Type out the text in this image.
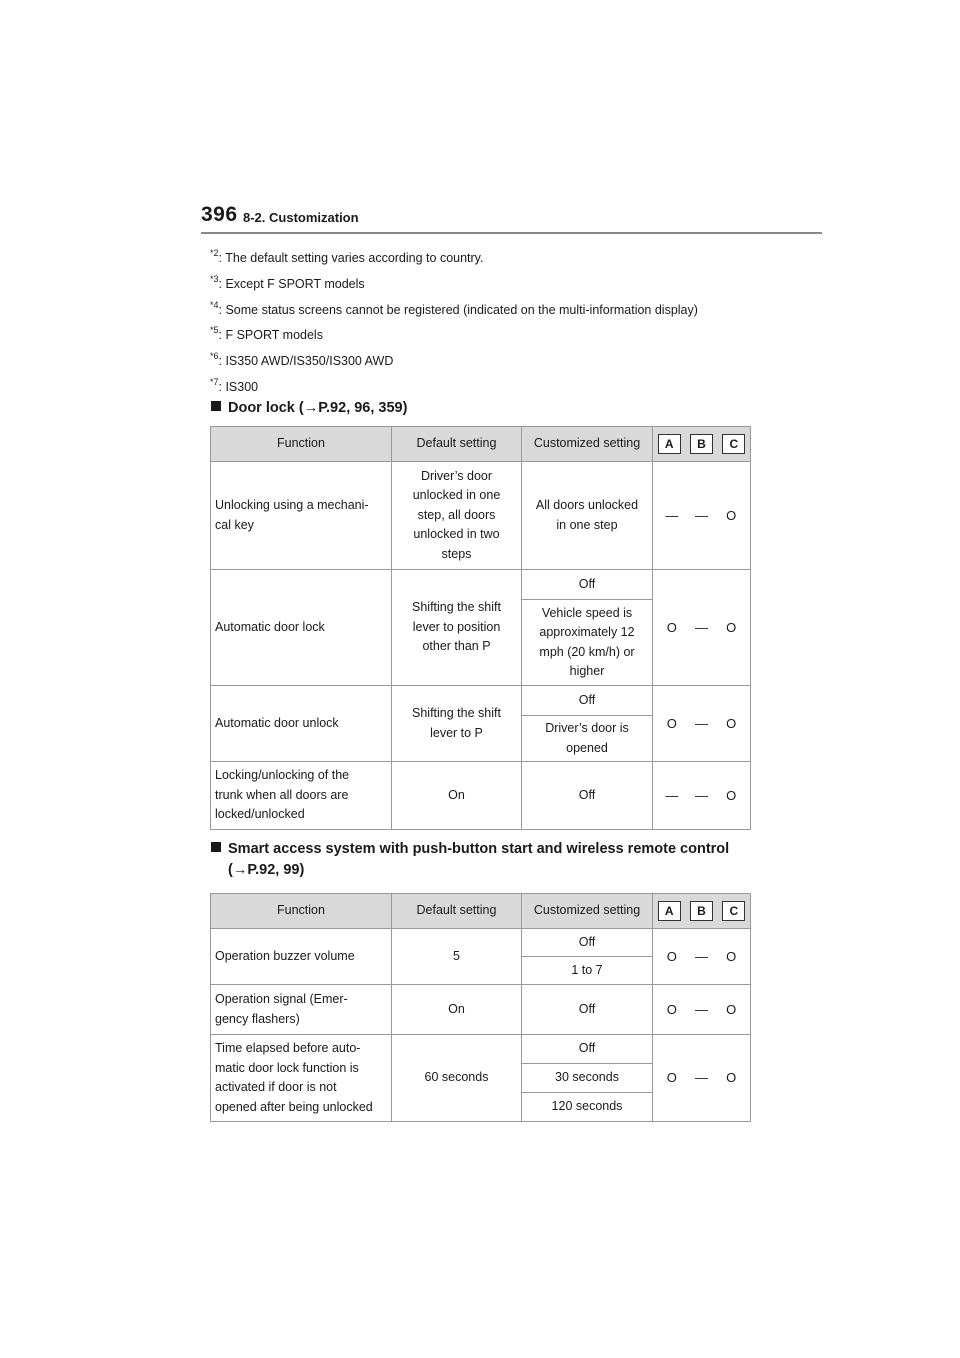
396 8-2. Customization
$^{*2}$: The default setting varies according to country.
$^{*3}$: Except F SPORT models
$^{*4}$: Some status screens cannot be registered (indicated on the multi-information display)
$^{*5}$: F SPORT models
$^{*6}$: IS350 AWD/IS350/IS300 AWD
$^{*7}$: IS300
Door lock (→P.92, 96, 359)
Function	Default setting	Customized setting	A B C

Unlocking using a mechani-
cal key	Driver’s door
unlocked in one
step, all doors
unlocked in two
steps	All doors unlocked
in one step	— — O

Automatic door lock	Shifting the shift
lever to position
other than P	Off	O — O

		Vehicle speed is
approximately 12
mph (20 km/h) or
higher	
Automatic door unlock	Shifting the shift
lever to P	Off	O — O

		Driver’s door is
opened	
Locking/unlocking of the
trunk when all doors are
locked/unlocked	On	Off	— — O
Smart access system with push-button start and wireless remote control
(→P.92, 99)
Function	Default setting	Customized setting	A B C

Operation buzzer volume	5	Off	O — O

		1 to 7	
Operation signal (Emer-
gency flashers)	On	Off	O — O

Time elapsed before auto-
matic door lock function is
activated if door is not
opened after being unlocked	60 seconds	Off	O — O

		30 seconds	
		120 seconds	
